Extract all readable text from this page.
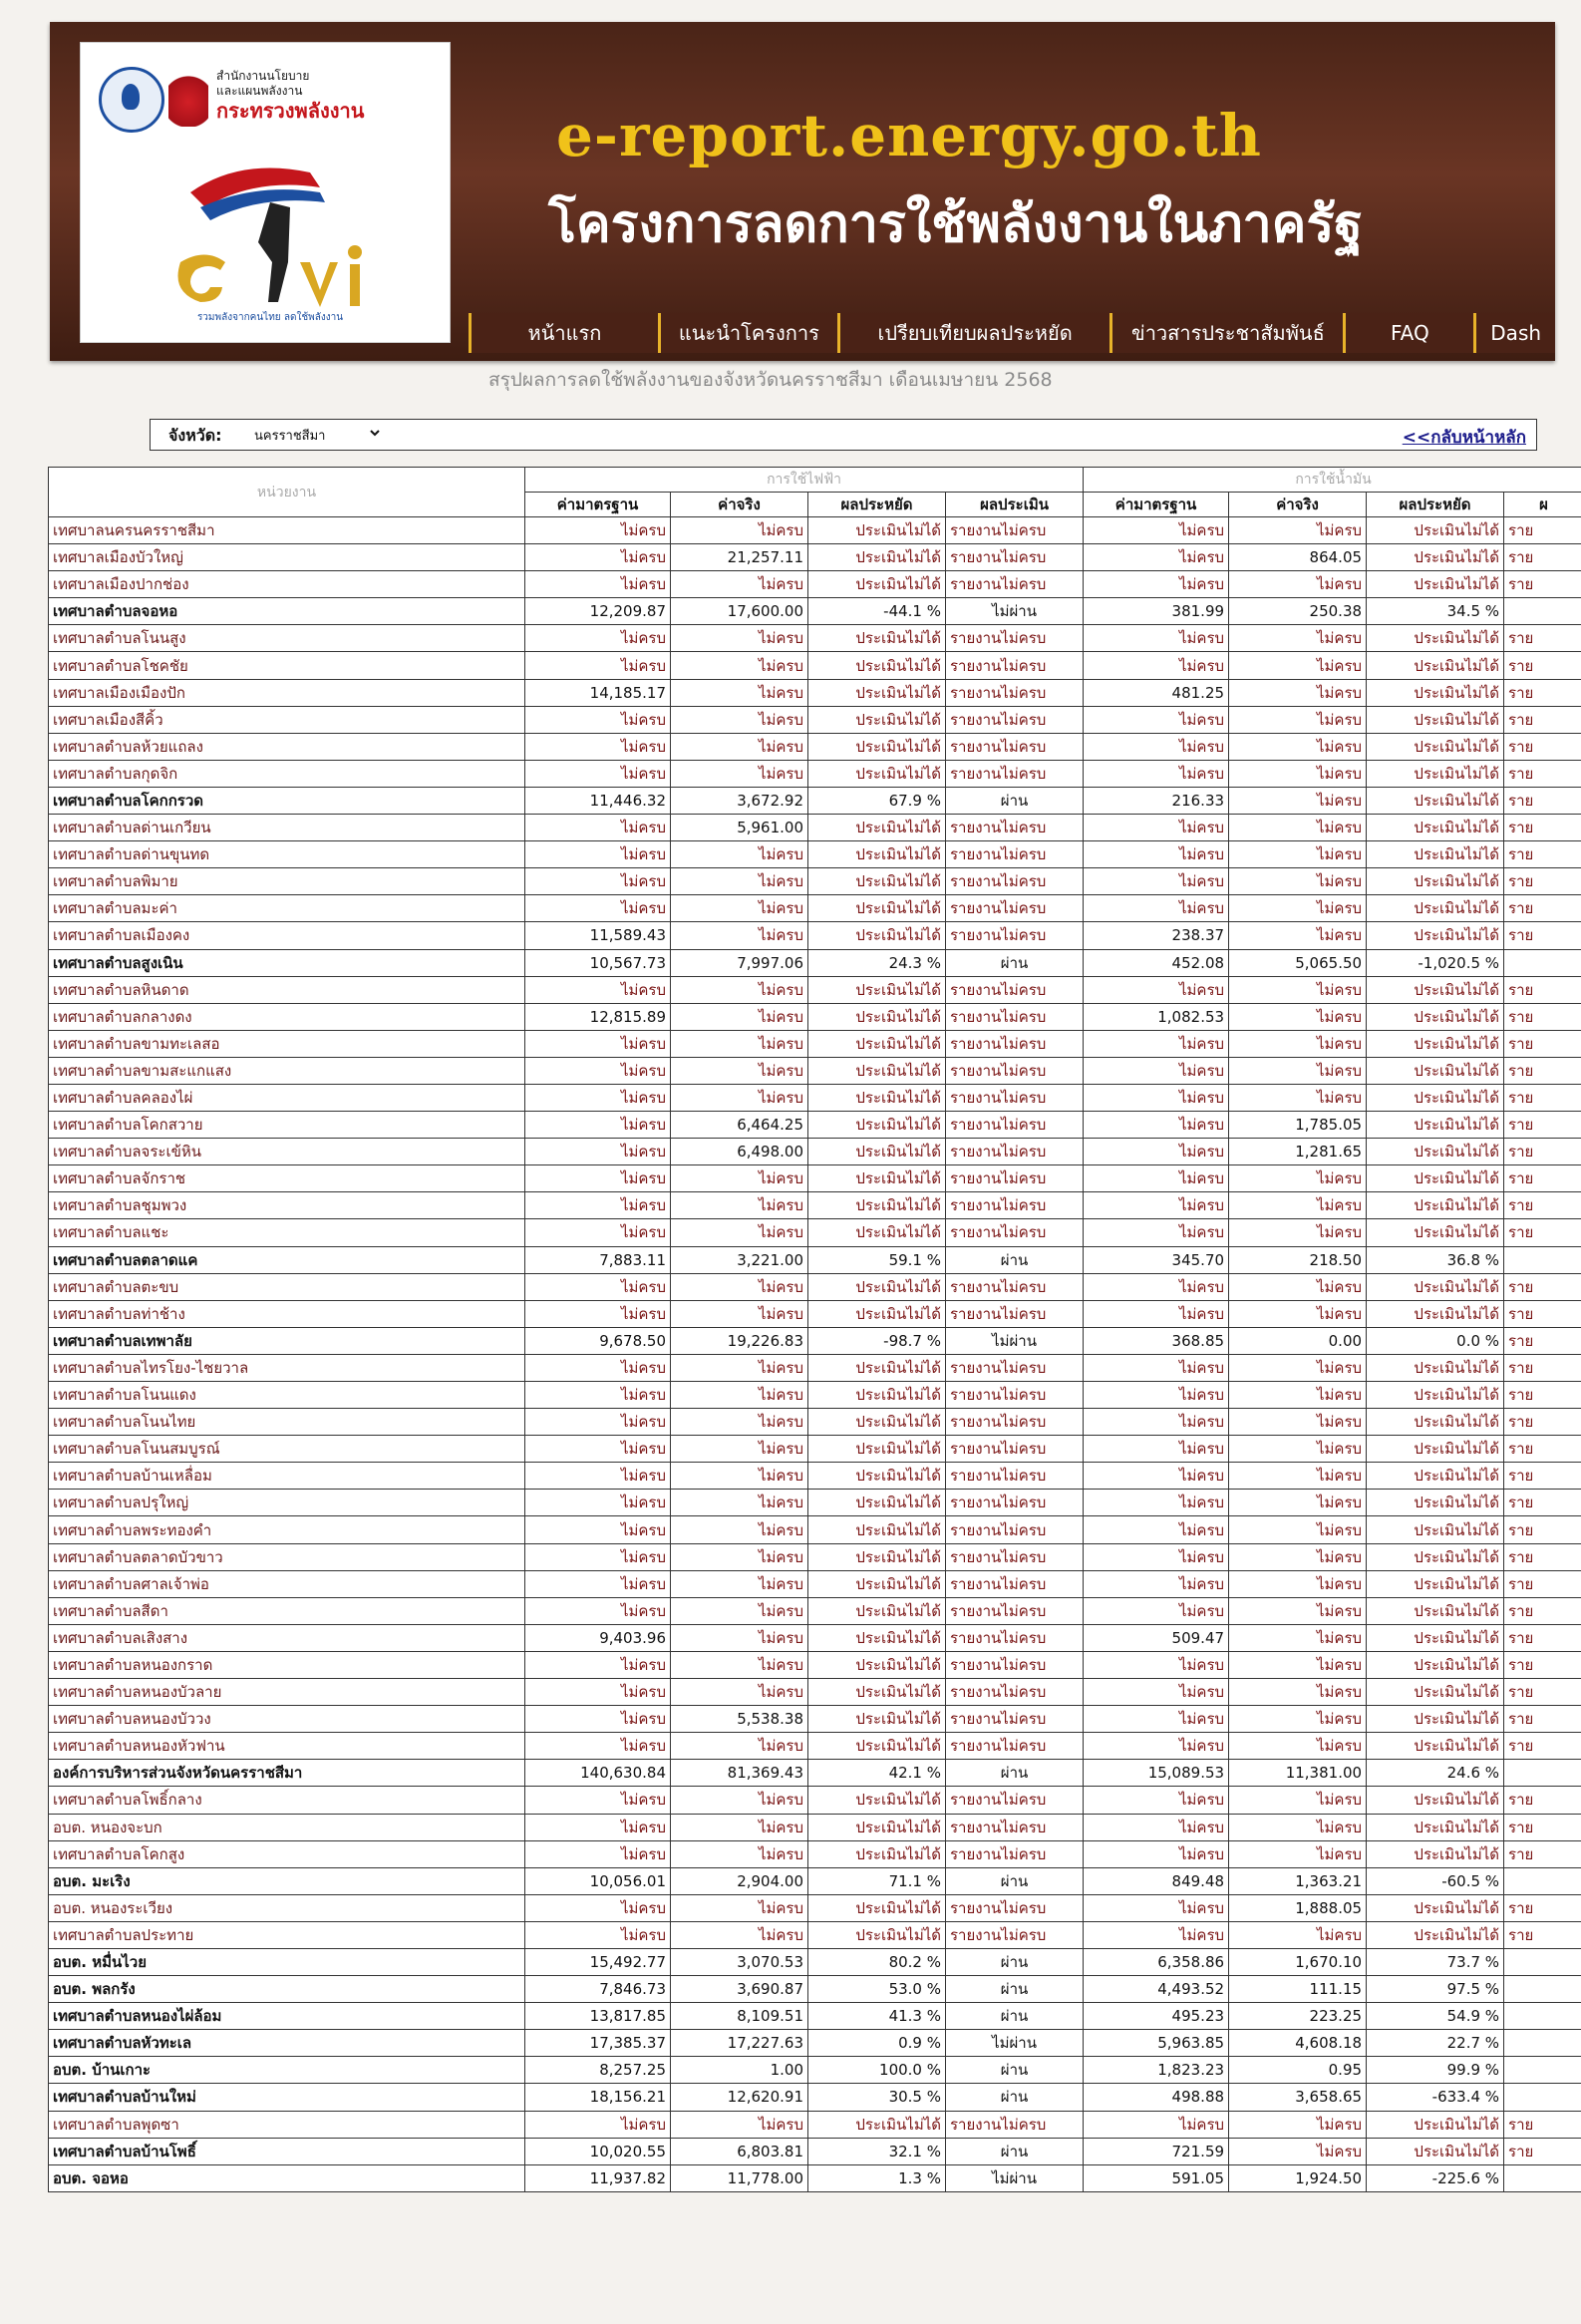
สำนักงานนโยบาย
และแผนพลังงาน
กระทรวงพลังงาน
รวมพลังจากคนไทย ลดใช้พลังงาน
e-report.energy.go.th
โครงการลดการใช้พลังงานในภาครัฐ
หน้าแรก	แนะนำโครงการ	เปรียบเทียบผลประหยัด	ข่าวสารประชาสัมพันธ์	FAQ	Dash
สรุปผลการลดใช้พลังงานของจังหวัดนครราชสีมา เดือนเมษายน 2568
จังหวัด:	นครราชสีมา	<<กลับหน้าหลัก
หน่วยงาน	การใช้ไฟฟ้า				การใช้น้ำมัน			
	ค่ามาตรฐาน	ค่าจริง	ผลประหยัด	ผลประเมิน	ค่ามาตรฐาน	ค่าจริง	ผลประหยัด	ผ
เทศบาลนครนครราชสีมา	ไม่ครบ	ไม่ครบ	ประเมินไม่ได้	รายงานไม่ครบ	ไม่ครบ	ไม่ครบ	ประเมินไม่ได้	ราย
เทศบาลเมืองบัวใหญ่	ไม่ครบ	21,257.11	ประเมินไม่ได้	รายงานไม่ครบ	ไม่ครบ	864.05	ประเมินไม่ได้	ราย
เทศบาลเมืองปากช่อง	ไม่ครบ	ไม่ครบ	ประเมินไม่ได้	รายงานไม่ครบ	ไม่ครบ	ไม่ครบ	ประเมินไม่ได้	ราย
เทศบาลตำบลจอหอ	12,209.87	17,600.00	-44.1 %	ไม่ผ่าน	381.99	250.38	34.5 %	
เทศบาลตำบลโนนสูง	ไม่ครบ	ไม่ครบ	ประเมินไม่ได้	รายงานไม่ครบ	ไม่ครบ	ไม่ครบ	ประเมินไม่ได้	ราย
เทศบาลตำบลโชคชัย	ไม่ครบ	ไม่ครบ	ประเมินไม่ได้	รายงานไม่ครบ	ไม่ครบ	ไม่ครบ	ประเมินไม่ได้	ราย
เทศบาลเมืองเมืองปัก	14,185.17	ไม่ครบ	ประเมินไม่ได้	รายงานไม่ครบ	481.25	ไม่ครบ	ประเมินไม่ได้	ราย
เทศบาลเมืองสีคิ้ว	ไม่ครบ	ไม่ครบ	ประเมินไม่ได้	รายงานไม่ครบ	ไม่ครบ	ไม่ครบ	ประเมินไม่ได้	ราย
เทศบาลตำบลห้วยแถลง	ไม่ครบ	ไม่ครบ	ประเมินไม่ได้	รายงานไม่ครบ	ไม่ครบ	ไม่ครบ	ประเมินไม่ได้	ราย
เทศบาลตำบลกุดจิก	ไม่ครบ	ไม่ครบ	ประเมินไม่ได้	รายงานไม่ครบ	ไม่ครบ	ไม่ครบ	ประเมินไม่ได้	ราย
เทศบาลตำบลโคกกรวด	11,446.32	3,672.92	67.9 %	ผ่าน	216.33	ไม่ครบ	ประเมินไม่ได้	ราย
เทศบาลตำบลด่านเกวียน	ไม่ครบ	5,961.00	ประเมินไม่ได้	รายงานไม่ครบ	ไม่ครบ	ไม่ครบ	ประเมินไม่ได้	ราย
เทศบาลตำบลด่านขุนทด	ไม่ครบ	ไม่ครบ	ประเมินไม่ได้	รายงานไม่ครบ	ไม่ครบ	ไม่ครบ	ประเมินไม่ได้	ราย
เทศบาลตำบลพิมาย	ไม่ครบ	ไม่ครบ	ประเมินไม่ได้	รายงานไม่ครบ	ไม่ครบ	ไม่ครบ	ประเมินไม่ได้	ราย
เทศบาลตำบลมะค่า	ไม่ครบ	ไม่ครบ	ประเมินไม่ได้	รายงานไม่ครบ	ไม่ครบ	ไม่ครบ	ประเมินไม่ได้	ราย
เทศบาลตำบลเมืองคง	11,589.43	ไม่ครบ	ประเมินไม่ได้	รายงานไม่ครบ	238.37	ไม่ครบ	ประเมินไม่ได้	ราย
เทศบาลตำบลสูงเนิน	10,567.73	7,997.06	24.3 %	ผ่าน	452.08	5,065.50	-1,020.5 %	
เทศบาลตำบลหินดาด	ไม่ครบ	ไม่ครบ	ประเมินไม่ได้	รายงานไม่ครบ	ไม่ครบ	ไม่ครบ	ประเมินไม่ได้	ราย
เทศบาลตำบลกลางดง	12,815.89	ไม่ครบ	ประเมินไม่ได้	รายงานไม่ครบ	1,082.53	ไม่ครบ	ประเมินไม่ได้	ราย
เทศบาลตำบลขามทะเลสอ	ไม่ครบ	ไม่ครบ	ประเมินไม่ได้	รายงานไม่ครบ	ไม่ครบ	ไม่ครบ	ประเมินไม่ได้	ราย
เทศบาลตำบลขามสะแกแสง	ไม่ครบ	ไม่ครบ	ประเมินไม่ได้	รายงานไม่ครบ	ไม่ครบ	ไม่ครบ	ประเมินไม่ได้	ราย
เทศบาลตำบลคลองไผ่	ไม่ครบ	ไม่ครบ	ประเมินไม่ได้	รายงานไม่ครบ	ไม่ครบ	ไม่ครบ	ประเมินไม่ได้	ราย
เทศบาลตำบลโคกสวาย	ไม่ครบ	6,464.25	ประเมินไม่ได้	รายงานไม่ครบ	ไม่ครบ	1,785.05	ประเมินไม่ได้	ราย
เทศบาลตำบลจระเข้หิน	ไม่ครบ	6,498.00	ประเมินไม่ได้	รายงานไม่ครบ	ไม่ครบ	1,281.65	ประเมินไม่ได้	ราย
เทศบาลตำบลจักราช	ไม่ครบ	ไม่ครบ	ประเมินไม่ได้	รายงานไม่ครบ	ไม่ครบ	ไม่ครบ	ประเมินไม่ได้	ราย
เทศบาลตำบลชุมพวง	ไม่ครบ	ไม่ครบ	ประเมินไม่ได้	รายงานไม่ครบ	ไม่ครบ	ไม่ครบ	ประเมินไม่ได้	ราย
เทศบาลตำบลแชะ	ไม่ครบ	ไม่ครบ	ประเมินไม่ได้	รายงานไม่ครบ	ไม่ครบ	ไม่ครบ	ประเมินไม่ได้	ราย
เทศบาลตำบลตลาดแค	7,883.11	3,221.00	59.1 %	ผ่าน	345.70	218.50	36.8 %	
เทศบาลตำบลตะขบ	ไม่ครบ	ไม่ครบ	ประเมินไม่ได้	รายงานไม่ครบ	ไม่ครบ	ไม่ครบ	ประเมินไม่ได้	ราย
เทศบาลตำบลท่าช้าง	ไม่ครบ	ไม่ครบ	ประเมินไม่ได้	รายงานไม่ครบ	ไม่ครบ	ไม่ครบ	ประเมินไม่ได้	ราย
เทศบาลตำบลเทพาลัย	9,678.50	19,226.83	-98.7 %	ไม่ผ่าน	368.85	0.00	0.0 %	ราย
เทศบาลตำบลไทรโยง-ไชยวาล	ไม่ครบ	ไม่ครบ	ประเมินไม่ได้	รายงานไม่ครบ	ไม่ครบ	ไม่ครบ	ประเมินไม่ได้	ราย
เทศบาลตำบลโนนแดง	ไม่ครบ	ไม่ครบ	ประเมินไม่ได้	รายงานไม่ครบ	ไม่ครบ	ไม่ครบ	ประเมินไม่ได้	ราย
เทศบาลตำบลโนนไทย	ไม่ครบ	ไม่ครบ	ประเมินไม่ได้	รายงานไม่ครบ	ไม่ครบ	ไม่ครบ	ประเมินไม่ได้	ราย
เทศบาลตำบลโนนสมบูรณ์	ไม่ครบ	ไม่ครบ	ประเมินไม่ได้	รายงานไม่ครบ	ไม่ครบ	ไม่ครบ	ประเมินไม่ได้	ราย
เทศบาลตำบลบ้านเหลื่อม	ไม่ครบ	ไม่ครบ	ประเมินไม่ได้	รายงานไม่ครบ	ไม่ครบ	ไม่ครบ	ประเมินไม่ได้	ราย
เทศบาลตำบลปรุใหญ่	ไม่ครบ	ไม่ครบ	ประเมินไม่ได้	รายงานไม่ครบ	ไม่ครบ	ไม่ครบ	ประเมินไม่ได้	ราย
เทศบาลตำบลพระทองคำ	ไม่ครบ	ไม่ครบ	ประเมินไม่ได้	รายงานไม่ครบ	ไม่ครบ	ไม่ครบ	ประเมินไม่ได้	ราย
เทศบาลตำบลตลาดบัวขาว	ไม่ครบ	ไม่ครบ	ประเมินไม่ได้	รายงานไม่ครบ	ไม่ครบ	ไม่ครบ	ประเมินไม่ได้	ราย
เทศบาลตำบลศาลเจ้าพ่อ	ไม่ครบ	ไม่ครบ	ประเมินไม่ได้	รายงานไม่ครบ	ไม่ครบ	ไม่ครบ	ประเมินไม่ได้	ราย
เทศบาลตำบลสีดา	ไม่ครบ	ไม่ครบ	ประเมินไม่ได้	รายงานไม่ครบ	ไม่ครบ	ไม่ครบ	ประเมินไม่ได้	ราย
เทศบาลตำบลเสิงสาง	9,403.96	ไม่ครบ	ประเมินไม่ได้	รายงานไม่ครบ	509.47	ไม่ครบ	ประเมินไม่ได้	ราย
เทศบาลตำบลหนองกราด	ไม่ครบ	ไม่ครบ	ประเมินไม่ได้	รายงานไม่ครบ	ไม่ครบ	ไม่ครบ	ประเมินไม่ได้	ราย
เทศบาลตำบลหนองบัวลาย	ไม่ครบ	ไม่ครบ	ประเมินไม่ได้	รายงานไม่ครบ	ไม่ครบ	ไม่ครบ	ประเมินไม่ได้	ราย
เทศบาลตำบลหนองบัววง	ไม่ครบ	5,538.38	ประเมินไม่ได้	รายงานไม่ครบ	ไม่ครบ	ไม่ครบ	ประเมินไม่ได้	ราย
เทศบาลตำบลหนองหัวฟาน	ไม่ครบ	ไม่ครบ	ประเมินไม่ได้	รายงานไม่ครบ	ไม่ครบ	ไม่ครบ	ประเมินไม่ได้	ราย
องค์การบริหารส่วนจังหวัดนครราชสีมา	140,630.84	81,369.43	42.1 %	ผ่าน	15,089.53	11,381.00	24.6 %	
เทศบาลตำบลโพธิ์กลาง	ไม่ครบ	ไม่ครบ	ประเมินไม่ได้	รายงานไม่ครบ	ไม่ครบ	ไม่ครบ	ประเมินไม่ได้	ราย
อบต. หนองจะบก	ไม่ครบ	ไม่ครบ	ประเมินไม่ได้	รายงานไม่ครบ	ไม่ครบ	ไม่ครบ	ประเมินไม่ได้	ราย
เทศบาลตำบลโคกสูง	ไม่ครบ	ไม่ครบ	ประเมินไม่ได้	รายงานไม่ครบ	ไม่ครบ	ไม่ครบ	ประเมินไม่ได้	ราย
อบต. มะเริง	10,056.01	2,904.00	71.1 %	ผ่าน	849.48	1,363.21	-60.5 %	
อบต. หนองระเวียง	ไม่ครบ	ไม่ครบ	ประเมินไม่ได้	รายงานไม่ครบ	ไม่ครบ	1,888.05	ประเมินไม่ได้	ราย
เทศบาลตำบลประทาย	ไม่ครบ	ไม่ครบ	ประเมินไม่ได้	รายงานไม่ครบ	ไม่ครบ	ไม่ครบ	ประเมินไม่ได้	ราย
อบต. หมื่นไวย	15,492.77	3,070.53	80.2 %	ผ่าน	6,358.86	1,670.10	73.7 %	
อบต. พลกรัง	7,846.73	3,690.87	53.0 %	ผ่าน	4,493.52	111.15	97.5 %	
เทศบาลตำบลหนองไผ่ล้อม	13,817.85	8,109.51	41.3 %	ผ่าน	495.23	223.25	54.9 %	
เทศบาลตำบลหัวทะเล	17,385.37	17,227.63	0.9 %	ไม่ผ่าน	5,963.85	4,608.18	22.7 %	
อบต. บ้านเกาะ	8,257.25	1.00	100.0 %	ผ่าน	1,823.23	0.95	99.9 %	
เทศบาลตำบลบ้านใหม่	18,156.21	12,620.91	30.5 %	ผ่าน	498.88	3,658.65	-633.4 %	
เทศบาลตำบลพุดซา	ไม่ครบ	ไม่ครบ	ประเมินไม่ได้	รายงานไม่ครบ	ไม่ครบ	ไม่ครบ	ประเมินไม่ได้	ราย
เทศบาลตำบลบ้านโพธิ์	10,020.55	6,803.81	32.1 %	ผ่าน	721.59	ไม่ครบ	ประเมินไม่ได้	ราย
อบต. จอหอ	11,937.82	11,778.00	1.3 %	ไม่ผ่าน	591.05	1,924.50	-225.6 %	
